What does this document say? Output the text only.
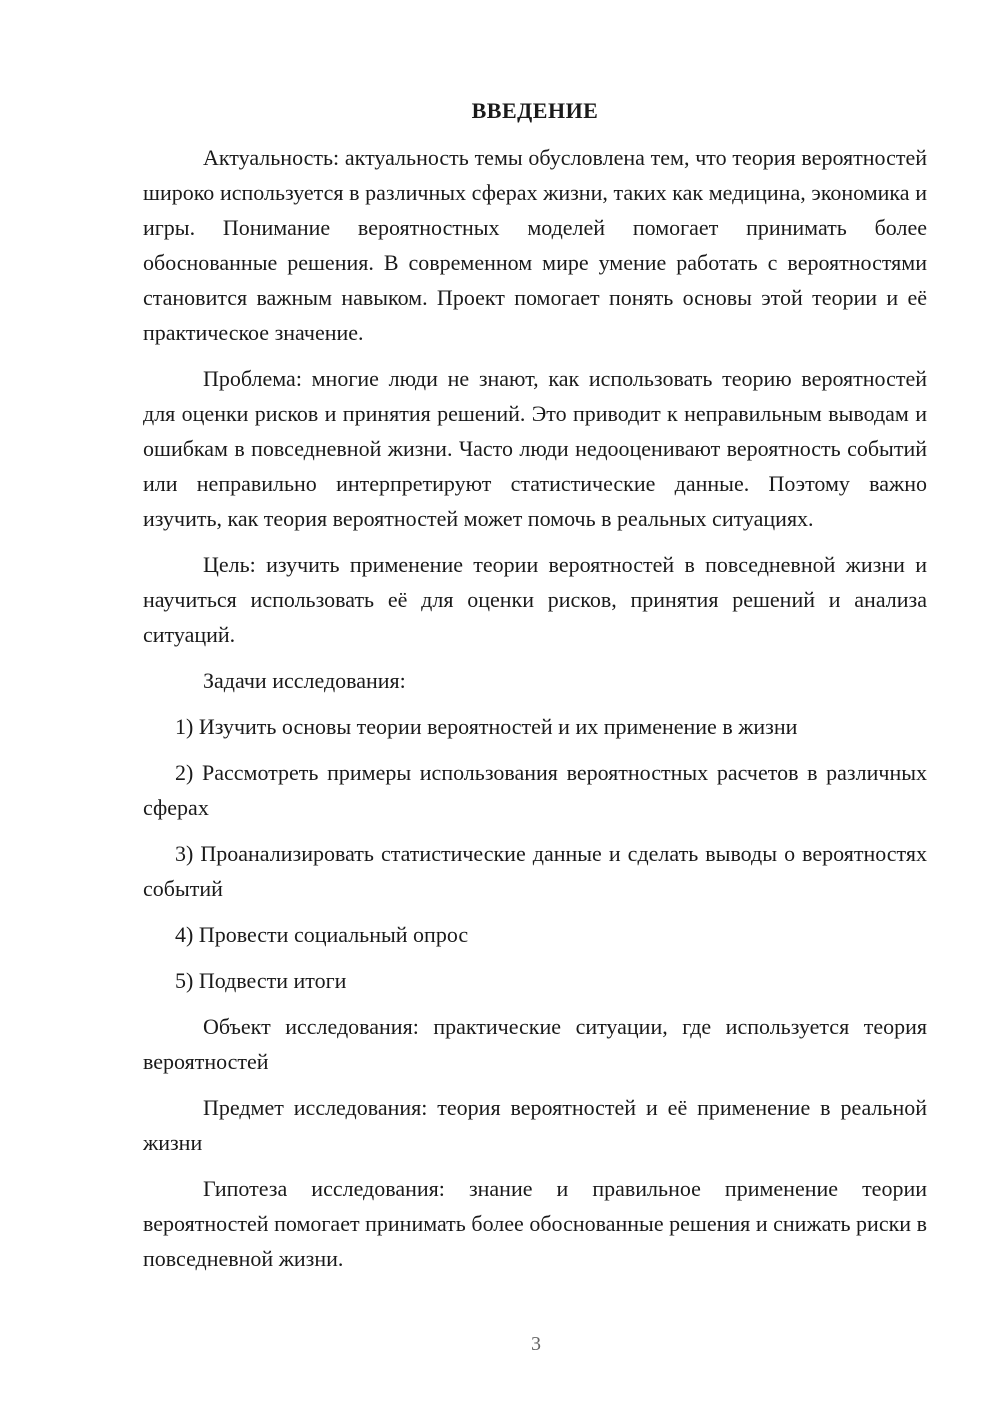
ВВЕДЕНИЕ

Актуальность: актуальность темы обусловлена тем, что теория вероятностей широко используется в различных сферах жизни, таких как медицина, экономика и игры. Понимание вероятностных моделей помогает принимать более обоснованные решения. В современном мире умение работать с вероятностями становится важным навыком. Проект помогает понять основы этой теории и её практическое значение.

Проблема: многие люди не знают, как использовать теорию вероятностей для оценки рисков и принятия решений. Это приводит к неправильным выводам и ошибкам в повседневной жизни. Часто люди недооценивают вероятность событий или неправильно интерпретируют статистические данные. Поэтому важно изучить, как теория вероятностей может помочь в реальных ситуациях.

Цель: изучить применение теории вероятностей в повседневной жизни и научиться использовать её для оценки рисков, принятия решений и анализа ситуаций.

Задачи исследования:

1) Изучить основы теории вероятностей и их применение в жизни

2) Рассмотреть примеры использования вероятностных расчетов в различных сферах

3) Проанализировать статистические данные и сделать выводы о вероятностях событий

4) Провести социальный опрос

5) Подвести итоги

Объект исследования: практические ситуации, где используется теория вероятностей

Предмет исследования: теория вероятностей и её применение в реальной жизни

Гипотеза исследования: знание и правильное применение теории вероятностей помогает принимать более обоснованные решения и снижать риски в повседневной жизни.

3
